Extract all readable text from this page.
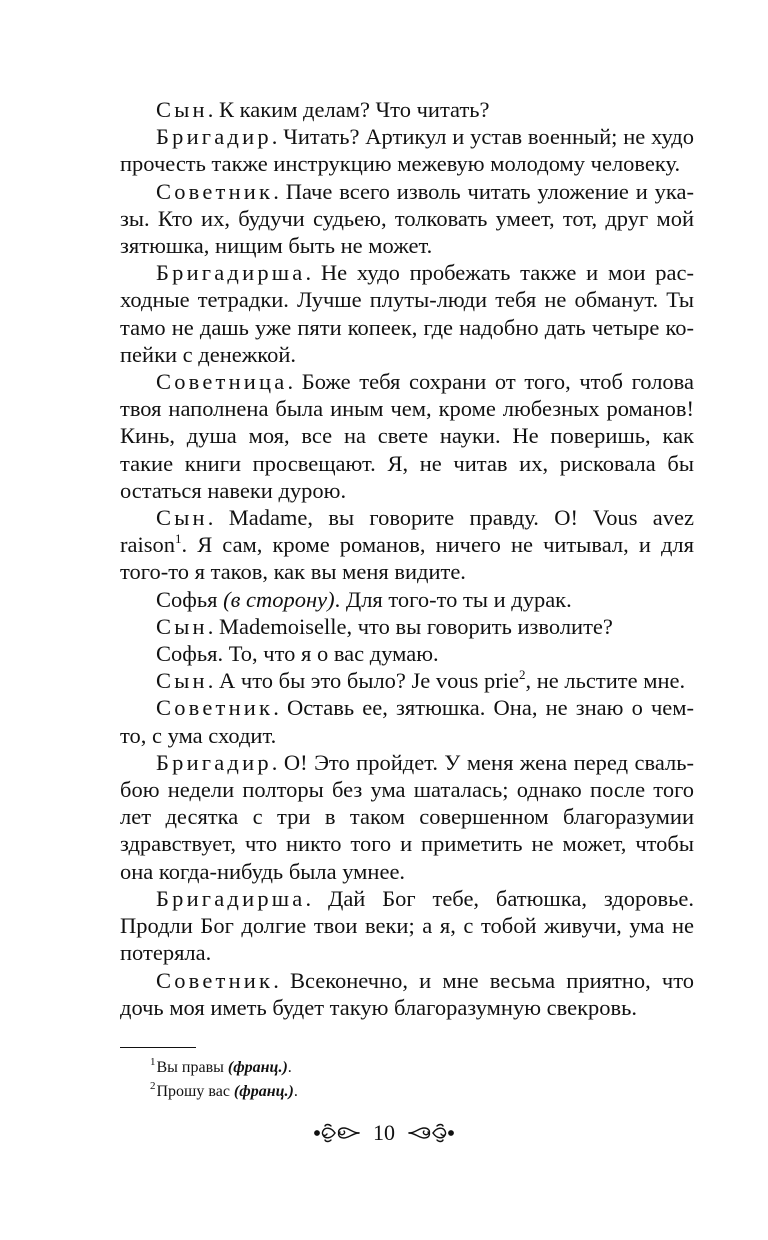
Сын. К каким делам? Что читать?

Бригадир. Читать? Артикул и устав военный; не худо прочесть также инструкцию межевую молодому человеку.

Советник. Паче всего изволь читать уложение и указы. Кто их, будучи судьею, толковать умеет, тот, друг мой зятюшка, нищим быть не может.

Бригадирша. Не худо пробежать также и мои расходные тетрадки. Лучше плуты-люди тебя не обманут. Ты тамо не дашь уже пяти копеек, где надобно дать четыре копейки с денежкой.

Советница. Боже тебя сохрани от того, чтоб голова твоя наполнена была иным чем, кроме любезных романов! Кинь, душа моя, все на свете науки. Не поверишь, как такие книги просвещают. Я, не читав их, рисковала бы остаться навеки дурою.

Сын. Madame, вы говорите правду. O! Vous avez raison$^1$. Я сам, кроме романов, ничего не читывал, и для того-то я таков, как вы меня видите.

Софья (в сторону). Для того-то ты и дурак.

Сын. Mademoiselle, что вы говорить изволите?

Софья. То, что я о вас думаю.

Сын. А что бы это было? Je vous prie$^2$, не льстите мне.

Советник. Оставь ее, зятюшка. Она, не знаю о чем-то, с ума сходит.

Бригадир. O! Это пройдет. У меня жена перед свальбою недели полторы без ума шаталась; однако после того лет десятка с три в таком совершенном благоразумии здравствует, что никто того и приметить не может, чтобы она когда-нибудь была умнее.

Бригадирша. Дай Бог тебе, батюшка, здоровье. Продли Бог долгие твои веки; а я, с тобой живучи, ума не потеряла.

Советник. Всеконечно, и мне весьма приятно, что дочь моя иметь будет такую благоразумную свекровь.

$^1$Вы правы (франц.).

$^2$Прошу вас (франц.).

10
